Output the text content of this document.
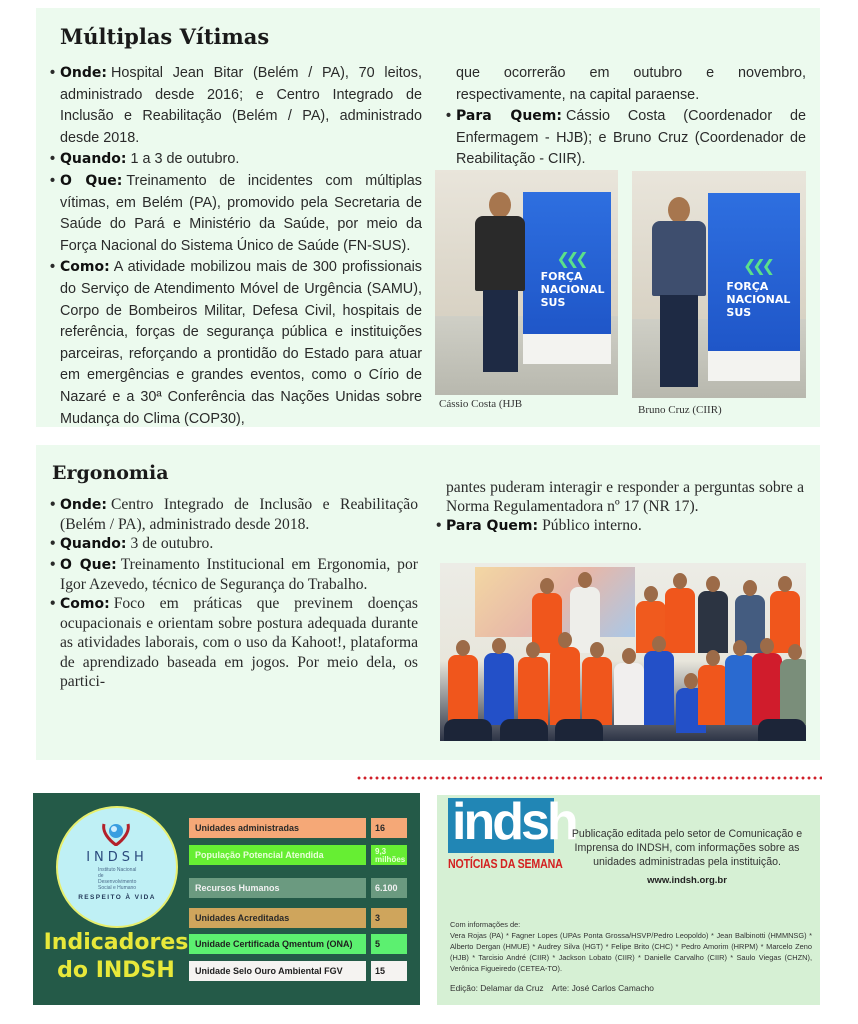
Múltiplas Vítimas
• Onde: Hospital Jean Bitar (Belém / PA), 70 leitos, administrado desde 2016; e Centro Integrado de Inclusão e Reabilitação (Belém / PA), administrado desde 2018.
• Quando: 1 a 3 de outubro.
• O Que: Treinamento de incidentes com múltiplas vítimas, em Belém (PA), promovido pela Secretaria de Saúde do Pará e Ministério da Saúde, por meio da Força Nacional do Sistema Único de Saúde (FN-SUS).
• Como: A atividade mobilizou mais de 300 profissionais do Serviço de Atendimento Móvel de Urgência (SAMU), Corpo de Bombeiros Militar, Defesa Civil, hospitais de referência, forças de segurança pública e instituições parceiras, reforçando a prontidão do Estado para atuar em emergências e grandes eventos, como o Círio de Nazaré e a 30ª Conferência das Nações Unidas sobre Mudança do Clima (COP30),
que ocorrerão em outubro e novembro, respectivamente, na capital paraense.
• Para Quem: Cássio Costa (Coordenador de Enfermagem - HJB); e Bruno Cruz (Coordenador de Reabilitação - CIIR).
❮❮❮
FORÇA NACIONAL SUS
Cássio Costa (HJB
❮❮❮
FORÇA NACIONAL SUS
Bruno Cruz (CIIR)
Ergonomia
• Onde: Centro Integrado de Inclusão e Reabilitação (Belém / PA), administrado desde 2018.
• Quando: 3 de outubro.
• O Que: Treinamento Institucional em Ergonomia, por Igor Azevedo, técnico de Segurança do Trabalho.
• Como: Foco em práticas que previnem doenças ocupacionais e orientam sobre postura adequada durante as atividades laborais, com o uso da Kahoot!, plataforma de aprendizado baseada em jogos. Por meio dela, os partici-
pantes puderam interagir e responder a perguntas sobre a Norma Regulamentadora nº 17 (NR 17).
• Para Quem: Público interno.
INDSH
Instituto Nacional de Desenvolvimento Social e Humano
RESPEITO À VIDA
Indicadores
do INDSH
Unidades administradas	16
População Potencial Atendida	9,3 milhões
Recursos Humanos	6.100
Unidades Acreditadas	3
Unidade Certificada Qmentum (ONA)	5
Unidade Selo Ouro Ambiental FGV	15
indsh
NOTÍCIAS DA SEMANA
Publicação editada pelo setor de Comunicação e Imprensa do INDSH, com informações sobre as unidades administradas pela instituição.
www.indsh.org.br
Com informações de:
Vera Rojas (PA) * Fagner Lopes (UPAs Ponta Grossa/HSVP/Pedro Leopoldo) * Jean Balbinotti (HMMNSG) * Alberto Dergan (HMUE) * Audrey Silva (HGT) * Felipe Brito (CHC) * Pedro Amorim (HRPM) * Marcelo Zeno (HJB) * Tarcisio André (CIIR) * Jackson Lobato (CIIR) * Danielle Carvalho (CIIR) * Saulo Viegas (CHZN), Verônica Figueiredo (CETEA-TO).
Edição: Delamar da Cruz Arte: José Carlos Camacho
